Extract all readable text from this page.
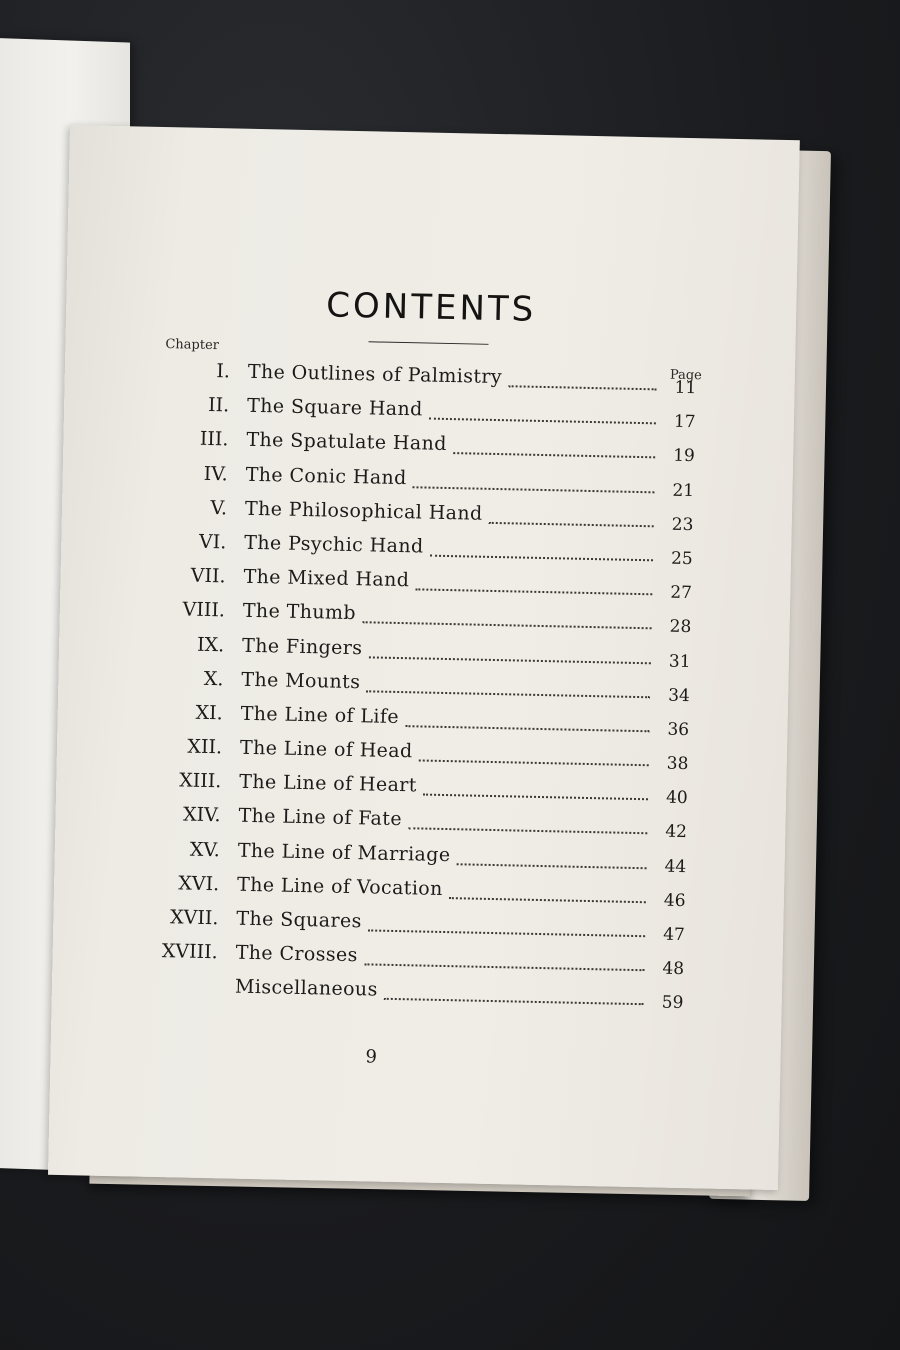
CONTENTS
Chapter
Page
I. The Outlines of Palmistry	11
II. The Square Hand
17
III. The Spatulate Hand
19
IV. The Conic Hand
21
V. The Philosophical Hand
23
VI. The Psychic Hand
25
VII. The Mixed Hand
27
VIII. The Thumb
28
IX. The Fingers
31
X. The Mounts
34
XI. The Line of Life
36
XII. The Line of Head
38
XIII. The Line of Heart
40
XIV. The Line of Fate
42
XV. The Line of Marriage
44
XVI. The Line of Vocation
46
XVII. The Squares
47
XVIII. The Crosses
48
Miscellaneous
59
9
